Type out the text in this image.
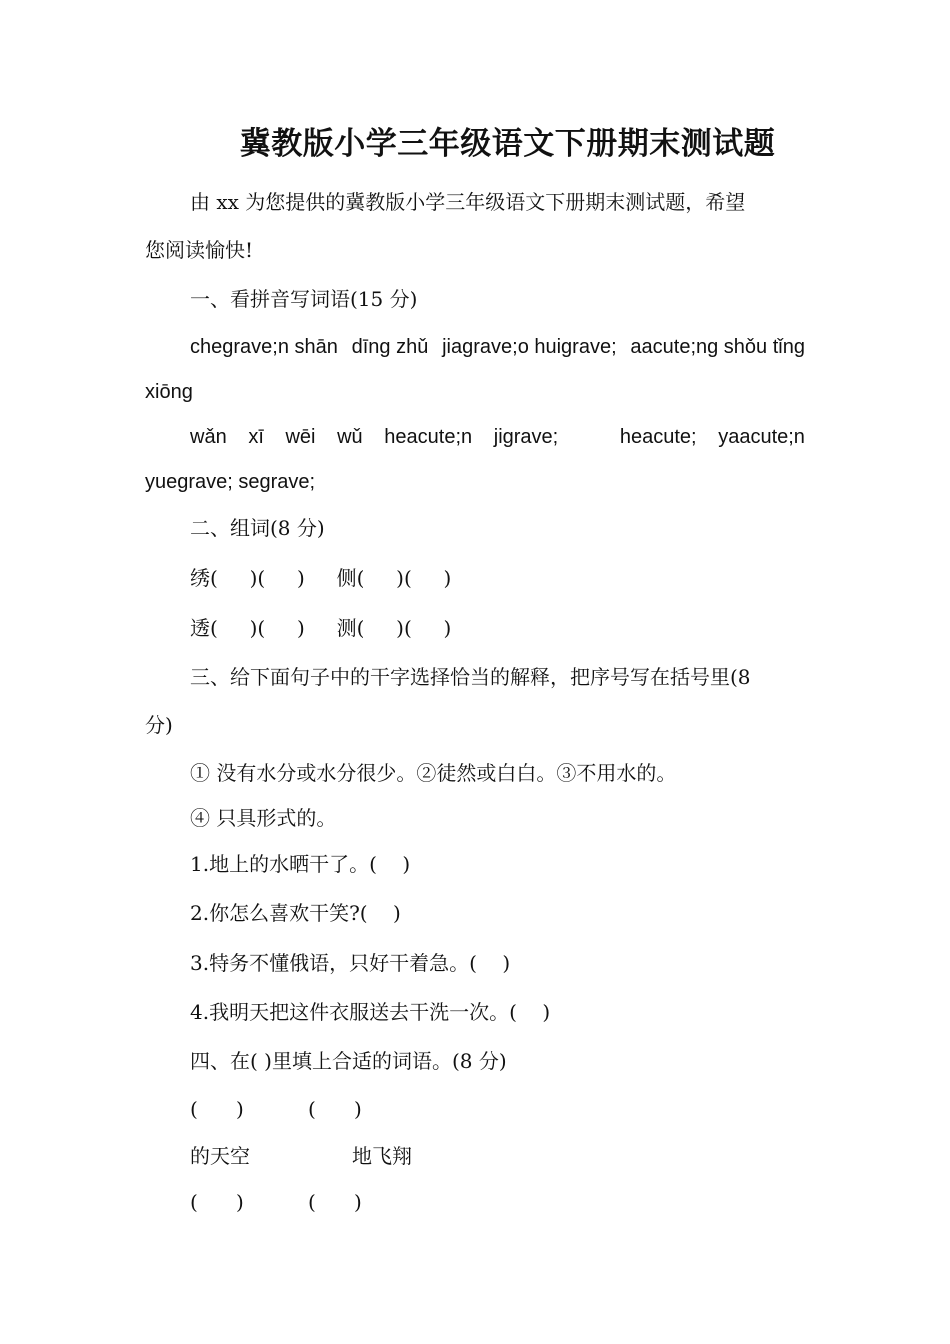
冀教版小学三年级语文下册期末测试题
由 xx 为您提供的冀教版小学三年级语文下册期末测试题，希望
您阅读愉快!
一、看拼音写词语(15 分)
chegrave;n shān dīng zhǔ jiagrave;o huigrave; aacute;ng shǒu tǐng
xiōng
wǎn xī wēi wǔ heacute;n jigrave;	heacute; yaacute;n
yuegrave; segrave;
二、组词(8 分)
绣(     )(     )     侧(     )(     )
透(     )(     )     测(     )(     )
三、给下面句子中的干字选择恰当的解释，把序号写在括号里(8
分)
① 没有水分或水分很少。②徒然或白白。③不用水的。
④ 只具形式的。
1.地上的水晒干了。(    )
2.你怎么喜欢干笑?(    )
3.特务不懂俄语，只好干着急。(    )
4.我明天把这件衣服送去干洗一次。(    )
四、在( )里填上合适的词语。(8 分)
(      )	(      )
的天空	地飞翔
(      )	(      )
